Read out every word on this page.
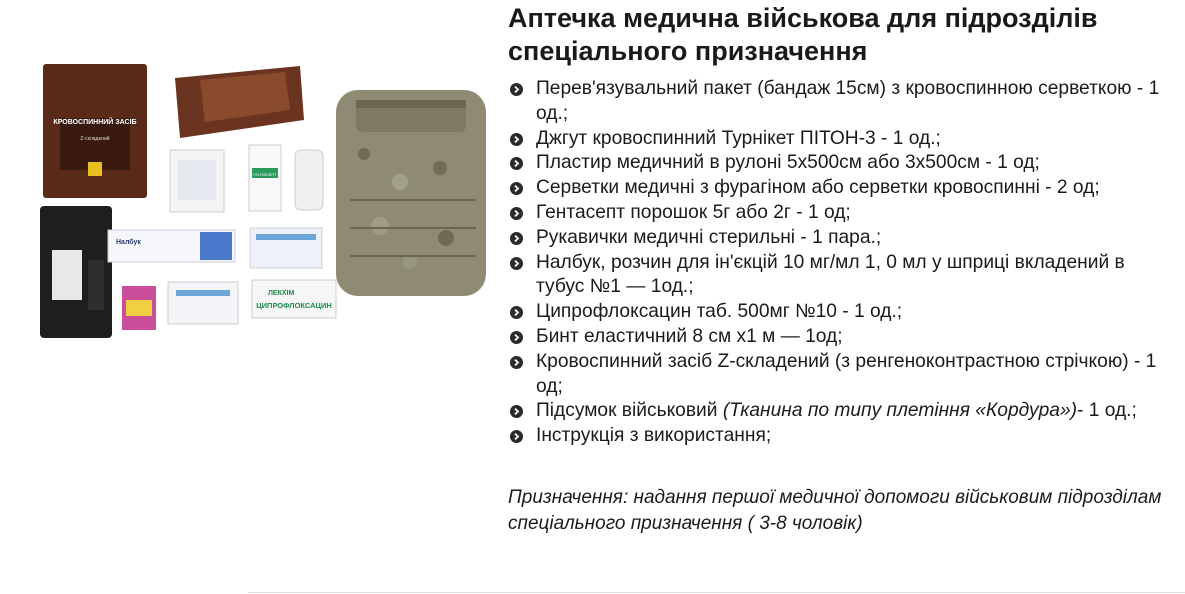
КРОВОСПИННИЙ ЗАСІБ
Z-складений
ГЕНТАСЕПТ
Налбук
ЛЕКХІМ
ЦИПРОФЛОКСАЦИН
Аптечка медична військова для підрозділів спеціального призначення
Перев'язувальний пакет (бандаж 15см) з кровоспинною серветкою - 1 од.;
Джгут кровоспинний Турнікет ПІТОН-3 - 1 од.;
Пластир медичний в рулоні 5х500см або 3х500см - 1 од;
Серветки медичні з фурагіном або серветки кровоспинні - 2 од;
Гентасепт порошок 5г або 2г - 1 од;
Рукавички медичні стерильні - 1 пара.;
Налбук, розчин для ін'єкцій 10 мг/мл 1, 0 мл у шприці вкладений в тубус №1 — 1од.;
Ципрофлоксацин таб. 500мг №10 - 1 од.;
Бинт еластичний 8 см х1 м — 1од;
Кровоспинний засіб Z-складений (з ренгеноконтрастною стрічкою) - 1 од;
Підсумок військовий (Тканина по типу плетіння «Кордура»)- 1 од.;
Інструкція з використання;
Призначення: надання першої медичної допомоги військовим підрозділам спеціального призначення ( 3-8 чоловік)
